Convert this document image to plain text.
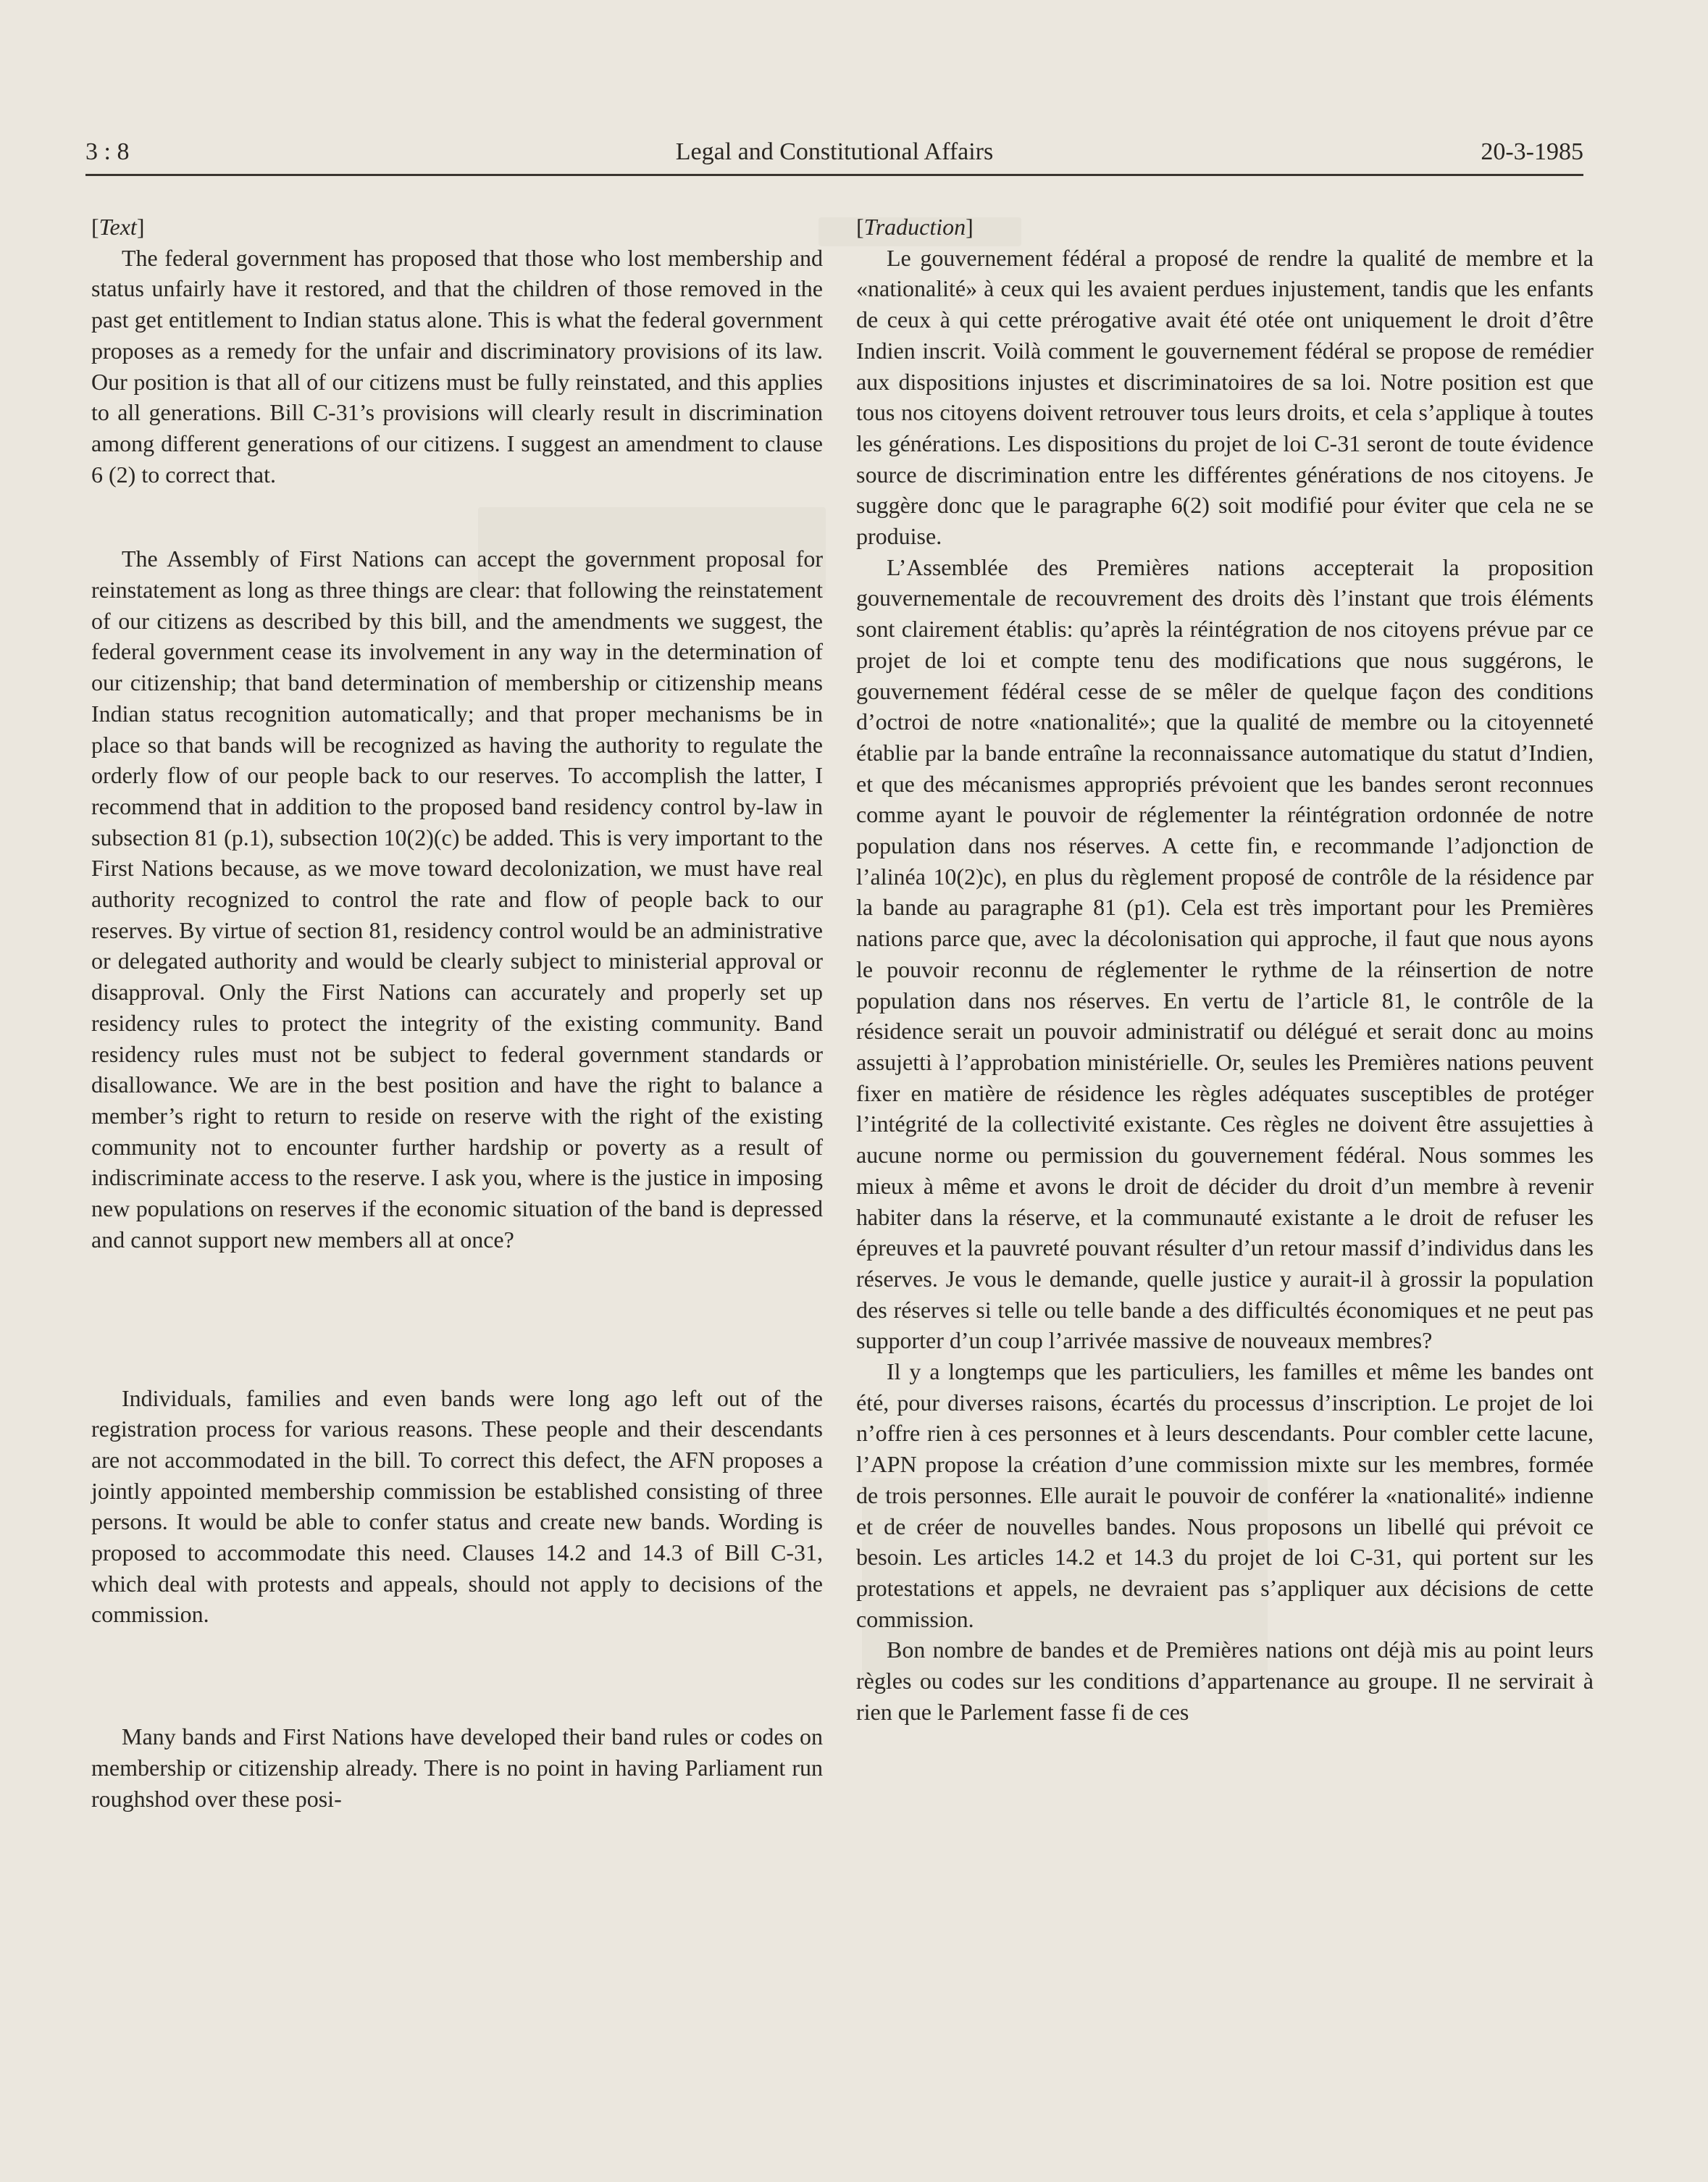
3 : 8	Legal and Constitutional Affairs	20-3-1985

[Text]

The federal government has proposed that those who lost membership and status unfairly have it restored, and that the children of those removed in the past get entitlement to Indian status alone. This is what the federal government proposes as a remedy for the unfair and discriminatory provisions of its law. Our position is that all of our citizens must be fully reinstated, and this applies to all generations. Bill C-31’s provisions will clearly result in discrimination among different generations of our citizens. I suggest an amendment to clause 6 (2) to correct that.

The Assembly of First Nations can accept the government proposal for reinstatement as long as three things are clear: that following the reinstatement of our citizens as described by this bill, and the amendments we suggest, the federal government cease its involvement in any way in the determination of our citizenship; that band determination of membership or citizenship means Indian status recognition automatically; and that proper mechanisms be in place so that bands will be recognized as having the authority to regulate the orderly flow of our people back to our reserves. To accomplish the latter, I recommend that in addition to the proposed band residency control by-law in subsection 81 (p.1), subsection 10(2)(c) be added. This is very important to the First Nations because, as we move toward decolonization, we must have real authority recognized to control the rate and flow of people back to our reserves. By virtue of section 81, residency control would be an administrative or delegated authority and would be clearly subject to ministerial approval or disapproval. Only the First Nations can accurately and properly set up residency rules to protect the integrity of the existing community. Band residency rules must not be subject to federal government standards or disallowance. We are in the best position and have the right to balance a member’s right to return to reside on reserve with the right of the existing community not to encounter further hardship or poverty as a result of indiscriminate access to the reserve. I ask you, where is the justice in imposing new populations on reserves if the economic situation of the band is depressed and cannot support new members all at once?

Individuals, families and even bands were long ago left out of the registration process for various reasons. These people and their descendants are not accommodated in the bill. To correct this defect, the AFN proposes a jointly appointed membership commission be established consisting of three persons. It would be able to confer status and create new bands. Wording is proposed to accommodate this need. Clauses 14.2 and 14.3 of Bill C-31, which deal with protests and appeals, should not apply to decisions of the commission.

Many bands and First Nations have developed their band rules or codes on membership or citizenship already. There is no point in having Parliament run roughshod over these posi-

[Traduction]

Le gouvernement fédéral a proposé de rendre la qualité de membre et la «nationalité» à ceux qui les avaient perdues injustement, tandis que les enfants de ceux à qui cette prérogative avait été otée ont uniquement le droit d’être Indien inscrit. Voilà comment le gouvernement fédéral se propose de remédier aux dispositions injustes et discriminatoires de sa loi. Notre position est que tous nos citoyens doivent retrouver tous leurs droits, et cela s’applique à toutes les générations. Les dispositions du projet de loi C-31 seront de toute évidence source de discrimination entre les différentes générations de nos citoyens. Je suggère donc que le paragraphe 6(2) soit modifié pour éviter que cela ne se produise.

L’Assemblée des Premières nations accepterait la proposition gouvernementale de recouvrement des droits dès l’instant que trois éléments sont clairement établis: qu’après la réintégration de nos citoyens prévue par ce projet de loi et compte tenu des modifications que nous suggérons, le gouvernement fédéral cesse de se mêler de quelque façon des conditions d’octroi de notre «nationalité»; que la qualité de membre ou la citoyenneté établie par la bande entraîne la reconnaissance automatique du statut d’Indien, et que des mécanismes appropriés prévoient que les bandes seront reconnues comme ayant le pouvoir de réglementer la réintégration ordonnée de notre population dans nos réserves. A cette fin, e recommande l’adjonction de l’alinéa 10(2)c), en plus du règlement proposé de contrôle de la résidence par la bande au paragraphe 81 (p1). Cela est très important pour les Premières nations parce que, avec la décolonisation qui approche, il faut que nous ayons le pouvoir reconnu de réglementer le rythme de la réinsertion de notre population dans nos réserves. En vertu de l’article 81, le contrôle de la résidence serait un pouvoir administratif ou délégué et serait donc au moins assujetti à l’approbation ministérielle. Or, seules les Premières nations peuvent fixer en matière de résidence les règles adéquates susceptibles de protéger l’intégrité de la collectivité existante. Ces règles ne doivent être assujetties à aucune norme ou permission du gouvernement fédéral. Nous sommes les mieux à même et avons le droit de décider du droit d’un membre à revenir habiter dans la réserve, et la communauté existante a le droit de refuser les épreuves et la pauvreté pouvant résulter d’un retour massif d’individus dans les réserves. Je vous le demande, quelle justice y aurait-il à grossir la population des réserves si telle ou telle bande a des difficultés économiques et ne peut pas supporter d’un coup l’arrivée massive de nouveaux membres?

Il y a longtemps que les particuliers, les familles et même les bandes ont été, pour diverses raisons, écartés du processus d’inscription. Le projet de loi n’offre rien à ces personnes et à leurs descendants. Pour combler cette lacune, l’APN propose la création d’une commission mixte sur les membres, formée de trois personnes. Elle aurait le pouvoir de conférer la «nationalité» indienne et de créer de nouvelles bandes. Nous proposons un libellé qui prévoit ce besoin. Les articles 14.2 et 14.3 du projet de loi C-31, qui portent sur les protestations et appels, ne devraient pas s’appliquer aux décisions de cette commission.

Bon nombre de bandes et de Premières nations ont déjà mis au point leurs règles ou codes sur les conditions d’appartenance au groupe. Il ne servirait à rien que le Parlement fasse fi de ces
